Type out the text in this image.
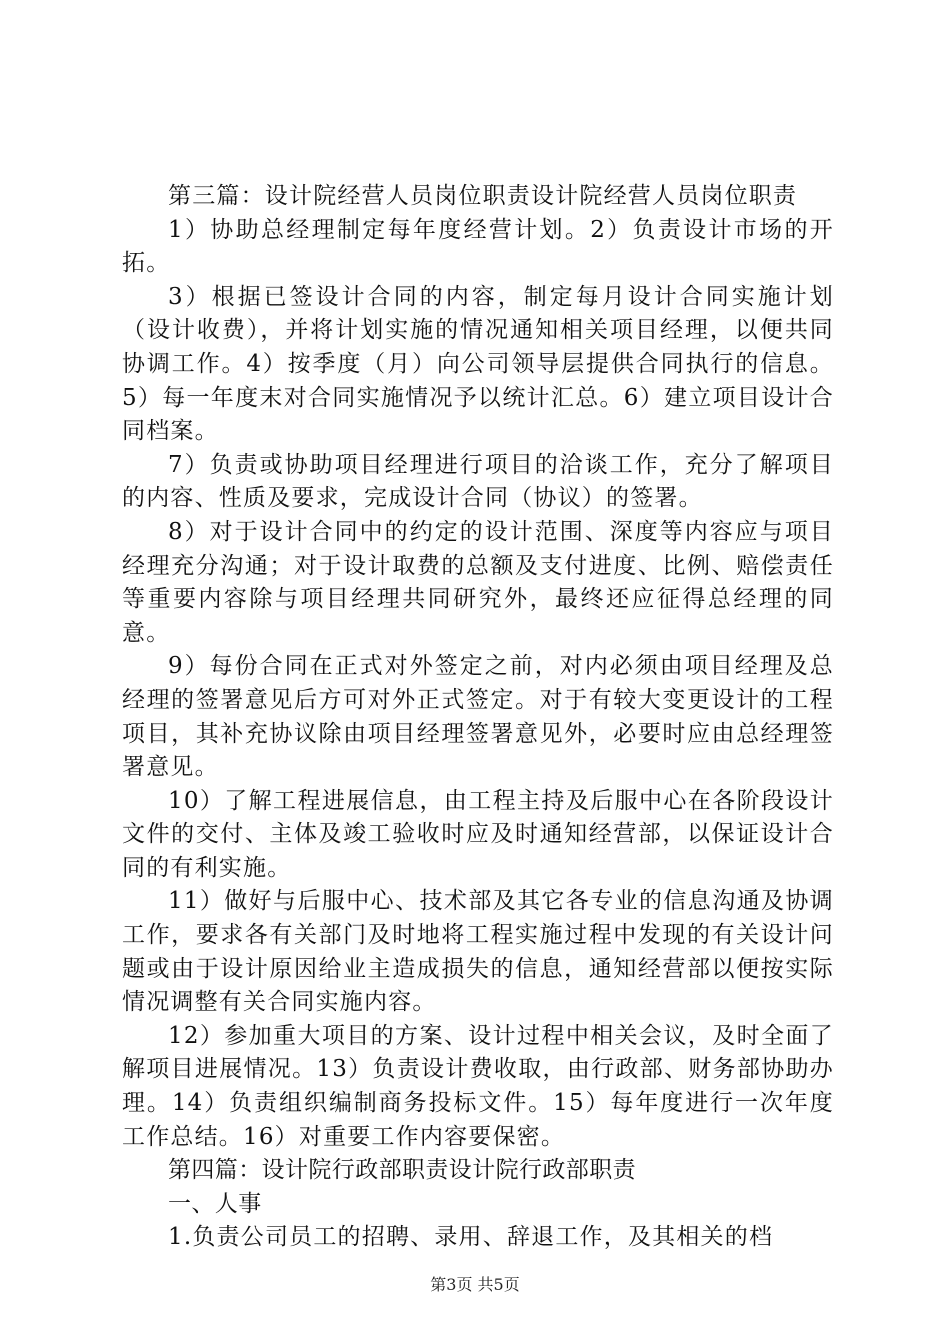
第三篇：设计院经营人员岗位职责设计院经营人员岗位职责

1）协助总经理制定每年度经营计划。2）负责设计市场的开拓。

3）根据已签设计合同的内容，制定每月设计合同实施计划（设计收费），并将计划实施的情况通知相关项目经理，以便共同协调工作。4）按季度（月）向公司领导层提供合同执行的信息。5）每一年度末对合同实施情况予以统计汇总。6）建立项目设计合同档案。

7）负责或协助项目经理进行项目的洽谈工作，充分了解项目的内容、性质及要求，完成设计合同（协议）的签署。

8）对于设计合同中的约定的设计范围、深度等内容应与项目经理充分沟通；对于设计取费的总额及支付进度、比例、赔偿责任等重要内容除与项目经理共同研究外，最终还应征得总经理的同意。

9）每份合同在正式对外签定之前，对内必须由项目经理及总经理的签署意见后方可对外正式签定。对于有较大变更设计的工程项目，其补充协议除由项目经理签署意见外，必要时应由总经理签署意见。

10）了解工程进展信息，由工程主持及后服中心在各阶段设计文件的交付、主体及竣工验收时应及时通知经营部，以保证设计合同的有利实施。

11）做好与后服中心、技术部及其它各专业的信息沟通及协调工作，要求各有关部门及时地将工程实施过程中发现的有关设计问题或由于设计原因给业主造成损失的信息，通知经营部以便按实际情况调整有关合同实施内容。

12）参加重大项目的方案、设计过程中相关会议，及时全面了解项目进展情况。13）负责设计费收取，由行政部、财务部协助办理。14）负责组织编制商务投标文件。15）每年度进行一次年度工作总结。16）对重要工作内容要保密。

第四篇：设计院行政部职责设计院行政部职责

一、人事

1.负责公司员工的招聘、录用、辞退工作，及其相关的档

第3页 共5页
